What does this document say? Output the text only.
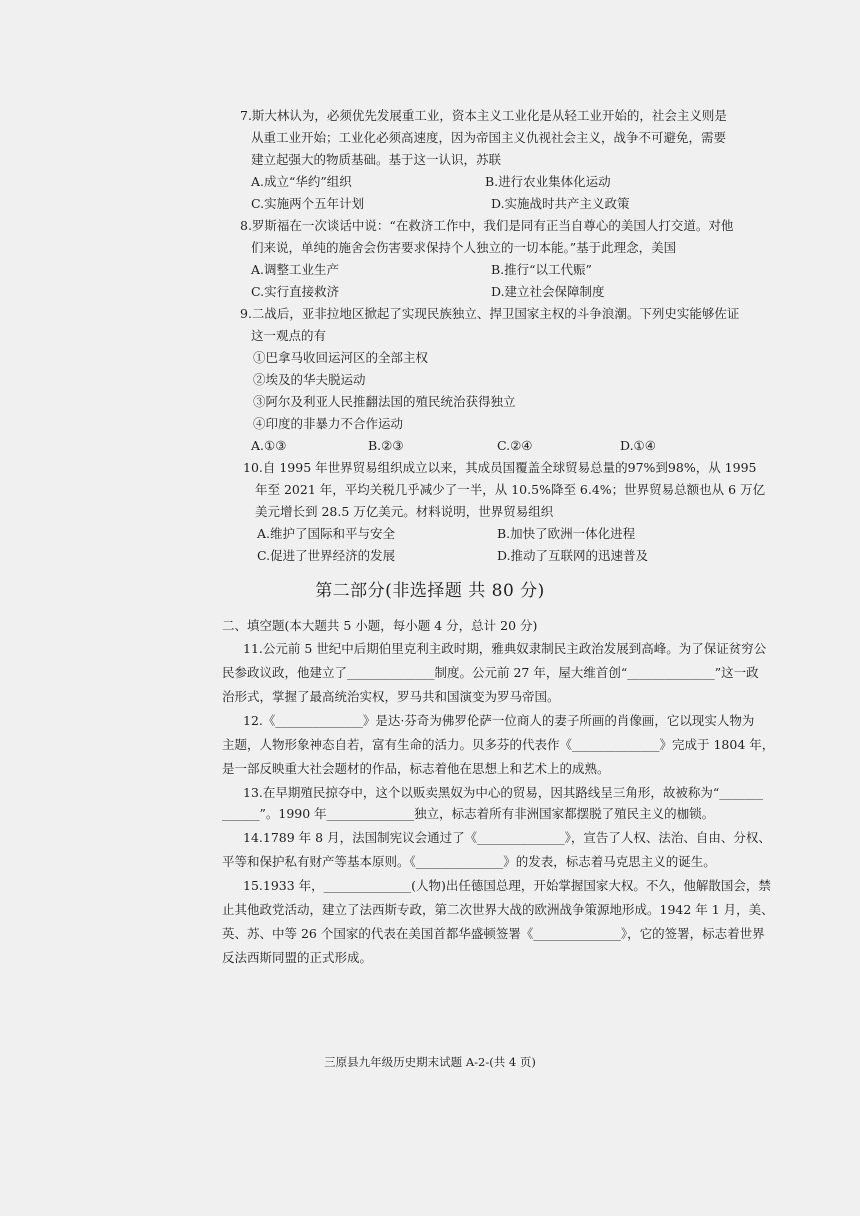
7.斯大林认为，必须优先发展重工业，资本主义工业化是从轻工业开始的，社会主义则是
从重工业开始；工业化必须高速度，因为帝国主义仇视社会主义，战争不可避免，需要
建立起强大的物质基础。基于这一认识，苏联
A.成立“华约”组织	B.进行农业集体化运动
C.实施两个五年计划	D.实施战时共产主义政策
8.罗斯福在一次谈话中说：“在救济工作中，我们是同有正当自尊心的美国人打交道。对他
们来说，单纯的施舍会伤害要求保持个人独立的一切本能。”基于此理念，美国
A.调整工业生产	B.推行“以工代赈”
C.实行直接救济	D.建立社会保障制度
9.二战后，亚非拉地区掀起了实现民族独立、捍卫国家主权的斗争浪潮。下列史实能够佐证
这一观点的有
①巴拿马收回运河区的全部主权
②埃及的华夫脱运动
③阿尔及利亚人民推翻法国的殖民统治获得独立
④印度的非暴力不合作运动
A.①③	B.②③	C.②④	D.①④
10.自 1995 年世界贸易组织成立以来，其成员国覆盖全球贸易总量的97%到98%，从 1995
年至 2021 年，平均关税几乎减少了一半，从 10.5%降至 6.4%；世界贸易总额也从 6 万亿
美元增长到 28.5 万亿美元。材料说明，世界贸易组织
A.维护了国际和平与安全	B.加快了欧洲一体化进程
C.促进了世界经济的发展	D.推动了互联网的迅速普及
第二部分(非选择题 共 80 分)
二、填空题(本大题共 5 小题，每小题 4 分，总计 20 分)
11.公元前 5 世纪中后期伯里克利主政时期，雅典奴隶制民主政治发展到高峰。为了保证贫穷公
民参政议政，他建立了______________制度。公元前 27 年，屋大维首创“______________”这一政
治形式，掌握了最高统治实权，罗马共和国演变为罗马帝国。
12.《______________》是达·芬奇为佛罗伦萨一位商人的妻子所画的肖像画，它以现实人物为
主题，人物形象神态自若，富有生命的活力。贝多芬的代表作《______________》完成于 1804 年，
是一部反映重大社会题材的作品，标志着他在思想上和艺术上的成熟。
13.在早期殖民掠夺中，这个以贩卖黑奴为中心的贸易，因其路线呈三角形，故被称为“_______
______”。1990 年______________独立，标志着所有非洲国家都摆脱了殖民主义的枷锁。
14.1789 年 8 月，法国制宪议会通过了《______________》，宣告了人权、法治、自由、分权、
平等和保护私有财产等基本原则。《______________》的发表，标志着马克思主义的诞生。
15.1933 年，______________(人物)出任德国总理，开始掌握国家大权。不久，他解散国会，禁
止其他政党活动，建立了法西斯专政，第二次世界大战的欧洲战争策源地形成。1942 年 1 月，美、
英、苏、中等 26 个国家的代表在美国首都华盛顿签署《______________》，它的签署，标志着世界
反法西斯同盟的正式形成。
三原县九年级历史期末试题 A-2-(共 4 页)
